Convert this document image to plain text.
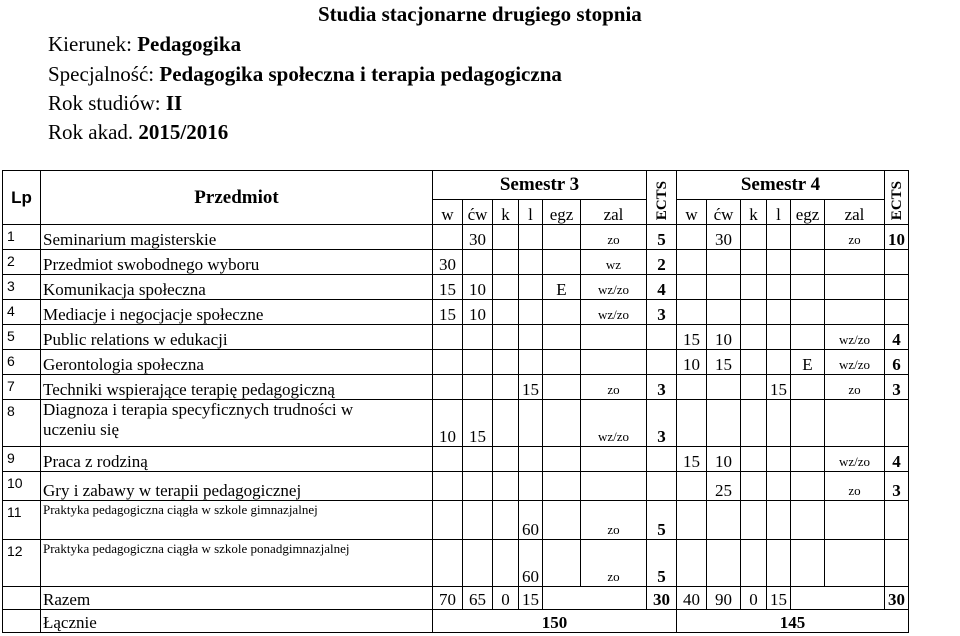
Studia stacjonarne drugiego stopnia
Kierunek: Pedagogika
Specjalność: Pedagogika społeczna i terapia pedagogiczna
Rok studiów: II
Rok akad. 2015/2016
Lp	Przedmiot	Semestr 3						ECTS	Semestr 4						ECTS
		w	ćw	k	l	egz	zal		w	ćw	k	l	egz	zal	
1	Seminarium magisterskie		30				zo	5		30				zo	10
2	Przedmiot swobodnego wyboru	30					wz	2							
3	Komunikacja społeczna	15	10			E	wz/zo	4							
4	Mediacje i negocjacje społeczne	15	10				wz/zo	3							
5	Public relations w edukacji								15	10				wz/zo	4
6	Gerontologia społeczna								10	15			E	wz/zo	6
7	Techniki wspierające terapię pedagogiczną				15		zo	3				15		zo	3
8	Diagnoza i terapia specyficznych trudności w
uczeniu się	10	15				wz/zo	3							
9	Praca z rodziną								15	10				wz/zo	4
10	Gry i zabawy w terapii pedagogicznej									25				zo	3
11	Praktyka pedagogiczna ciągła w szkole gimnazjalnej				60		zo	5							
12	Praktyka pedagogiczna ciągła w szkole ponadgimnazjalnej				60		zo	5							
	Razem	70	65	0	15			30	40	90	0	15			30
	Łącznie	150							145						
